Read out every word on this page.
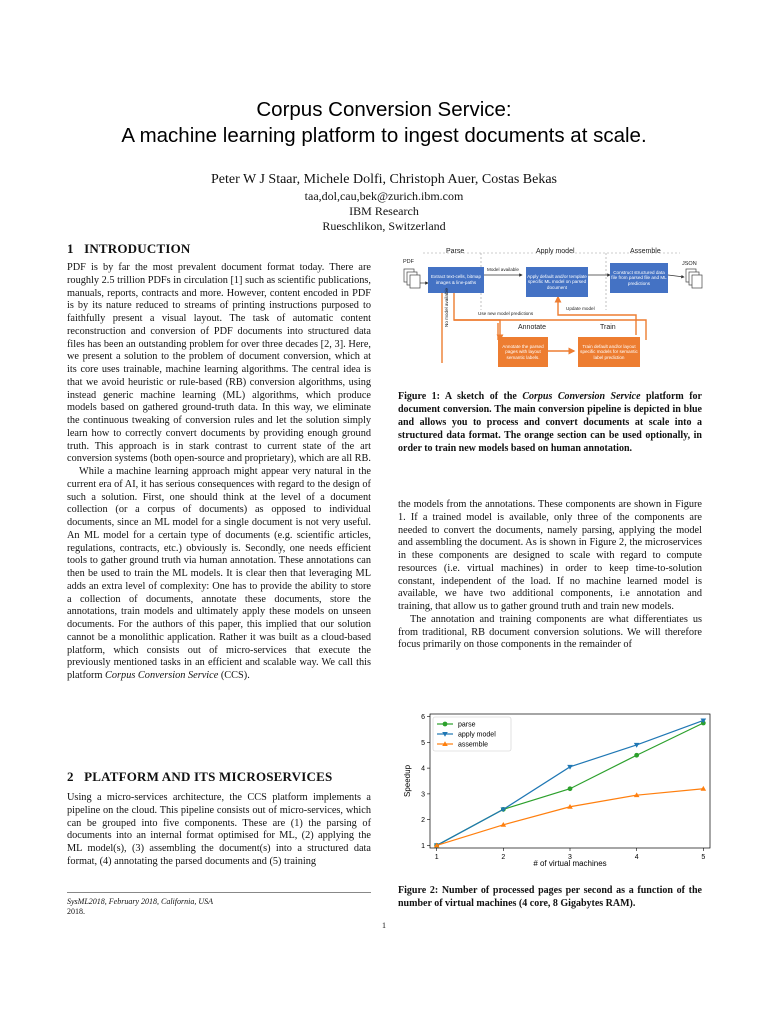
Corpus Conversion Service:
A machine learning platform to ingest documents at scale.
Peter W J Staar, Michele Dolfi, Christoph Auer, Costas Bekas
taa,dol,cau,bek@zurich.ibm.com
IBM Research
Rueschlikon, Switzerland
1 INTRODUCTION

PDF is by far the most prevalent document format today. There are roughly 2.5 trillion PDFs in circulation [1] such as scientific publications, manuals, reports, contracts and more. However, content encoded in PDF is by its nature reduced to streams of printing instructions purposed to faithfully present a visual layout. The task of automatic content reconstruction and conversion of PDF documents into structured data files has been an outstanding problem for over three decades [2, 3]. Here, we present a solution to the problem of document conversion, which at its core uses trainable, machine learning algorithms. The central idea is that we avoid heuristic or rule-based (RB) conversion algorithms, using instead generic machine learning (ML) algorithms, which produce models based on gathered ground-truth data. In this way, we eliminate the continuous tweaking of conversion rules and let the solution simply learn how to correctly convert documents by providing enough ground truth. This approach is in stark contrast to current state of the art conversion systems (both open-source and proprietary), which are all RB.

While a machine learning approach might appear very natural in the current era of AI, it has serious consequences with regard to the design of such a solution. First, one should think at the level of a document collection (or a corpus of documents) as opposed to individual documents, since an ML model for a single document is not very useful. An ML model for a certain type of documents (e.g. scientific articles, regulations, contracts, etc.) obviously is. Secondly, one needs efficient tools to gather ground truth via human annotation. These annotations can then be used to train the ML models. It is clear then that leveraging ML adds an extra level of complexity: One has to provide the ability to store a collection of documents, annotate these documents, store the annotations, train models and ultimately apply these models on unseen documents. For the authors of this paper, this implied that our solution cannot be a monolithic application. Rather it was built as a cloud-based platform, which consists out of micro-services that execute the previously mentioned tasks in an efficient and scalable way. We call this platform Corpus Conversion Service (CCS).

2 PLATFORM AND ITS MICROSERVICES

Using a micro-services architecture, the CCS platform implements a pipeline on the cloud. This pipeline consists out of micro-services, which can be grouped into five components. These are (1) the parsing of documents into an internal format optimised for ML, (2) applying the ML model(s), (3) assembling the document(s) into a structured data format, (4) annotating the parsed documents and (5) training

SysML2018, February 2018, California, USA
2018.
1
Parse	Apply model	Assemble
PDF	JSON
Extract text-cells, bitmap images & line-paths
Apply default and/or template specific ML model on parsed document
Construct structured data file from parsed file and ML predictions
Annotate the parsed pages with layout semantic labels.
Train default and/or layout specific models for semantic label prediction
Model available
Update model
Use new model predictions
No model available
Annotate	Train
Figure 1: A sketch of the Corpus Conversion Service platform for document conversion. The main conversion pipeline is depicted in blue and allows you to process and convert documents at scale into a structured data format. The orange section can be used optionally, in order to train new models based on human annotation.

the models from the annotations. These components are shown in Figure 1. If a trained model is available, only three of the components are needed to convert the documents, namely parsing, applying the model and assembling the document. As is shown in Figure 2, the microservices in these components are designed to scale with regard to compute resources (i.e. virtual machines) in order to keep time-to-solution constant, independent of the load. If no machine learned model is available, we have two additional components, i.e annotation and training, that allow us to gather ground truth and train new models.

The annotation and training components are what differentiates us from traditional, RB document conversion solutions. We will therefore focus primarily on those components in the remainder of

1
2
3
4
5
6
1	2	3	4	5
parse
apply model
assemble
# of virtual machines
Speedup
Figure 2: Number of processed pages per second as a function of the number of virtual machines (4 core, 8 Gigabytes RAM).
